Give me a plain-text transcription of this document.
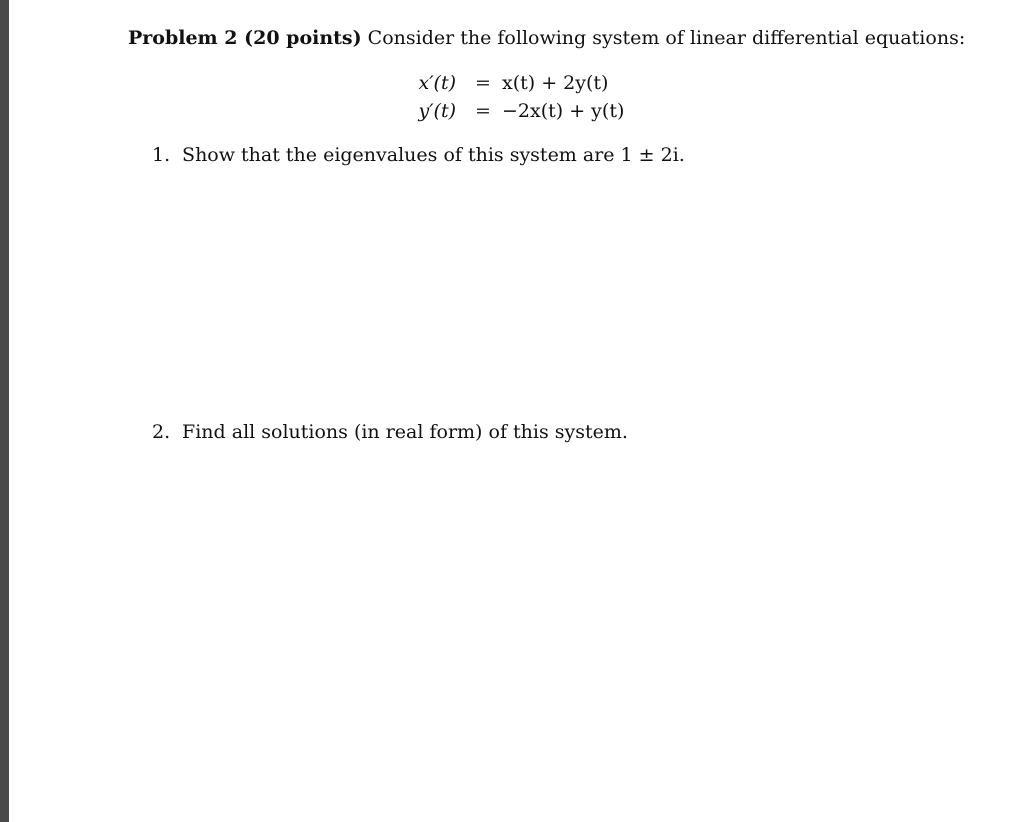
Problem 2 (20 points) Consider the following system of linear differential equations:
x′(t) = x(t) + 2y(t)
y′(t) = −2x(t) + y(t)
1. Show that the eigenvalues of this system are 1 ± 2i.
2. Find all solutions (in real form) of this system.
